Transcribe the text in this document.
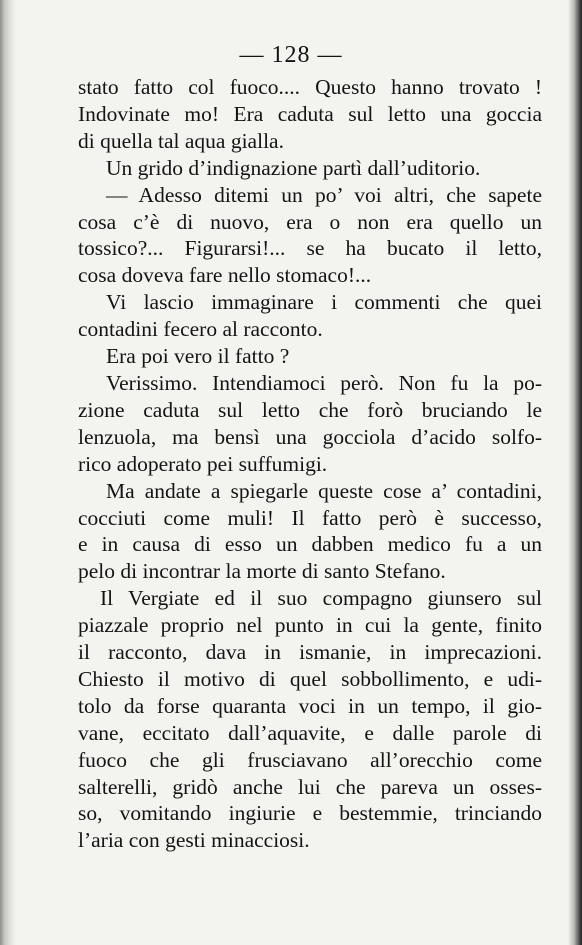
— 128 —
stato fatto col fuoco.... Questo hanno trovato !
Indovinate mo! Era caduta sul letto una goccia
di quella tal aqua gialla.
Un grido d’indignazione partì dall’uditorio.
— Adesso ditemi un po’ voi altri, che sapete
cosa c’è di nuovo, era o non era quello un
tossico?... Figurarsi!... se ha bucato il letto,
cosa doveva fare nello stomaco!...
Vi lascio immaginare i commenti che quei
contadini fecero al racconto.
Era poi vero il fatto ?
Verissimo. Intendiamoci però. Non fu la po-
zione caduta sul letto che forò bruciando le
lenzuola, ma bensì una gocciola d’acido solfo-
rico adoperato pei suffumigi.
Ma andate a spiegarle queste cose a’ contadini,
cocciuti come muli! Il fatto però è successo,
e in causa di esso un dabben medico fu a un
pelo di incontrar la morte di santo Stefano.
Il Vergiate ed il suo compagno giunsero sul
piazzale proprio nel punto in cui la gente, finito
il racconto, dava in ismanie, in imprecazioni.
Chiesto il motivo di quel sobbollimento, e udi-
tolo da forse quaranta voci in un tempo, il gio-
vane, eccitato dall’aquavite, e dalle parole di
fuoco che gli frusciavano all’orecchio come
salterelli, gridò anche lui che pareva un osses-
so, vomitando ingiurie e bestemmie, trinciando
l’aria con gesti minacciosi.
